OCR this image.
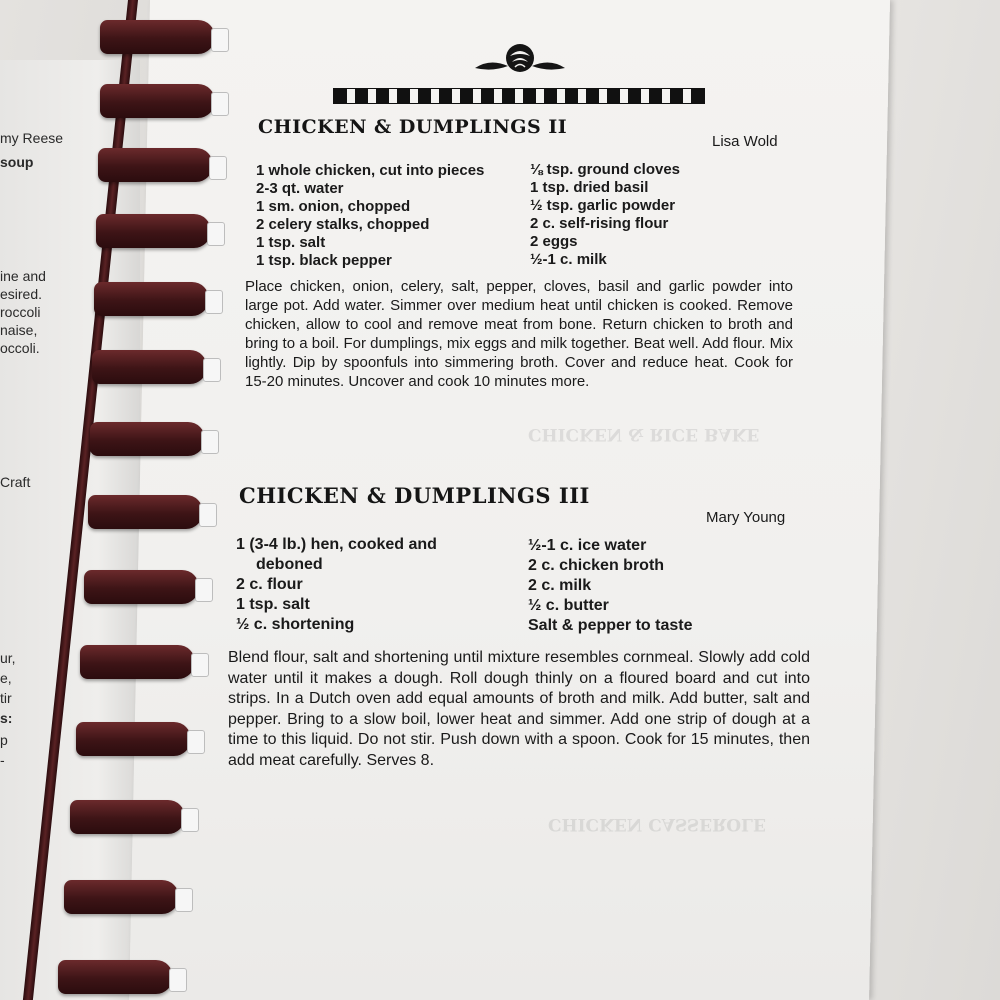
my Reese
soup
ine and
esired.
roccoli
naise,
occoli.
Craft
ur,
e,
tir
s:
p
-
CHICKEN & RICE BAKE
CHICKEN CASSEROLE
CHICKEN & DUMPLINGS II
Lisa Wold
1 whole chicken, cut into pieces
2-3 qt. water
1 sm. onion, chopped
2 celery stalks, chopped
1 tsp. salt
1 tsp. black pepper
⅛ tsp. ground cloves
1 tsp. dried basil
½ tsp. garlic powder
2 c. self-rising flour
2 eggs
½-1 c. milk

Place chicken, onion, celery, salt, pepper, cloves, basil and garlic powder into large pot. Add water. Simmer over medium heat until chicken is cooked. Remove chicken, allow to cool and remove meat from bone. Return chicken to broth and bring to a boil. For dumplings, mix eggs and milk together. Beat well. Add flour. Mix lightly. Dip by spoonfuls into simmering broth. Cover and reduce heat. Cook for 15-20 minutes. Uncover and cook 10 minutes more.

CHICKEN & DUMPLINGS III
Mary Young
1 (3-4 lb.) hen, cooked and
deboned
2 c. flour
1 tsp. salt
½ c. shortening
½-1 c. ice water
2 c. chicken broth
2 c. milk
½ c. butter
Salt & pepper to taste

Blend flour, salt and shortening until mixture resembles cornmeal. Slowly add cold water until it makes a dough. Roll dough thinly on a floured board and cut into strips. In a Dutch oven add equal amounts of broth and milk. Add butter, salt and pepper. Bring to a slow boil, lower heat and simmer. Add one strip of dough at a time to this liquid. Do not stir. Push down with a spoon. Cook for 15 minutes, then add meat carefully. Serves 8.
